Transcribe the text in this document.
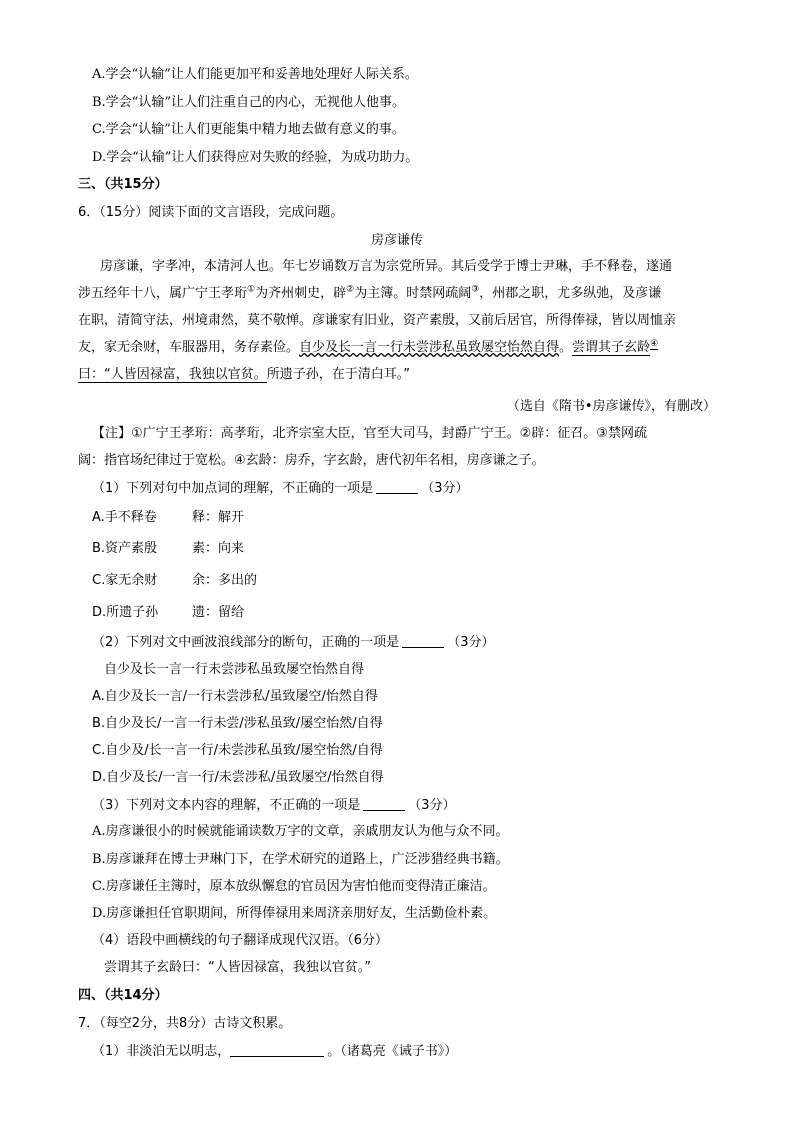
A.学会“认输”让人们能更加平和妥善地处理好人际关系。
B.学会“认输”让人们注重自己的内心，无视他人他事。
C.学会“认输”让人们更能集中精力地去做有意义的事。
D.学会“认输”让人们获得应对失败的经验，为成功助力。
三、（共15分）
6．（15分）阅读下面的文言语段，完成问题。
房彦谦传
房彦谦，字孝冲，本清河人也。年七岁诵数万言为宗党所异。其后受学于博士尹琳，手不释卷，遂通
涉五经年十八，属广宁王孝珩①为齐州刺史，辟②为主簿。时禁网疏阔③，州郡之职，尤多纵弛，及彦谦
在职，清简守法，州境肃然，莫不敬惮。彦谦家有旧业，资产素殷，又前后居官，所得俸禄，皆以周恤亲
友，家无余财，车服器用，务存素俭。自少及长一言一行未尝涉私虽致屡空怡然自得。尝谓其子玄龄④
曰：“人皆因禄富，我独以官贫。所遗子孙，在于清白耳。”
（选自《隋书•房彦谦传》，有删改）
【注】①广宁王孝珩：高孝珩，北齐宗室大臣，官至大司马，封爵广宁王。②辟：征召。③禁网疏
阔：指官场纪律过于宽松。④玄龄：房乔，字玄龄，唐代初年名相，房彦谦之子。
（1）下列对句中加点词的理解，不正确的一项是	（3分）
A.手不释卷	释：解开
B.资产素殷	素：向来
C.家无余财	余：多出的
D.所遗子孙	遗：留给
（2）下列对文中画波浪线部分的断句，正确的一项是	（3分）
自少及长一言一行未尝涉私虽致屡空怡然自得
A.自少及长一言/一行未尝涉私/虽致屡空/怡然自得
B.自少及长/一言一行未尝/涉私虽致/屡空怡然/自得
C.自少及/长一言一行/未尝涉私虽致/屡空怡然/自得
D.自少及长/一言一行/未尝涉私/虽致屡空/怡然自得
（3）下列对文本内容的理解，不正确的一项是	（3分）
A.房彦谦很小的时候就能诵读数万字的文章，亲戚朋友认为他与众不同。
B.房彦谦拜在博士尹琳门下，在学术研究的道路上，广泛涉猎经典书籍。
C.房彦谦任主簿时，原本放纵懈怠的官员因为害怕他而变得清正廉洁。
D.房彦谦担任官职期间，所得俸禄用来周济亲朋好友，生活勤俭朴素。
（4）语段中画横线的句子翻译成现代汉语。（6分）
尝谓其子玄龄曰：“人皆因禄富，我独以官贫。”
四、（共14分）
7．（每空2分，共8分）古诗文积累。
（1）非淡泊无以明志，	。（诸葛亮《诫子书》）
